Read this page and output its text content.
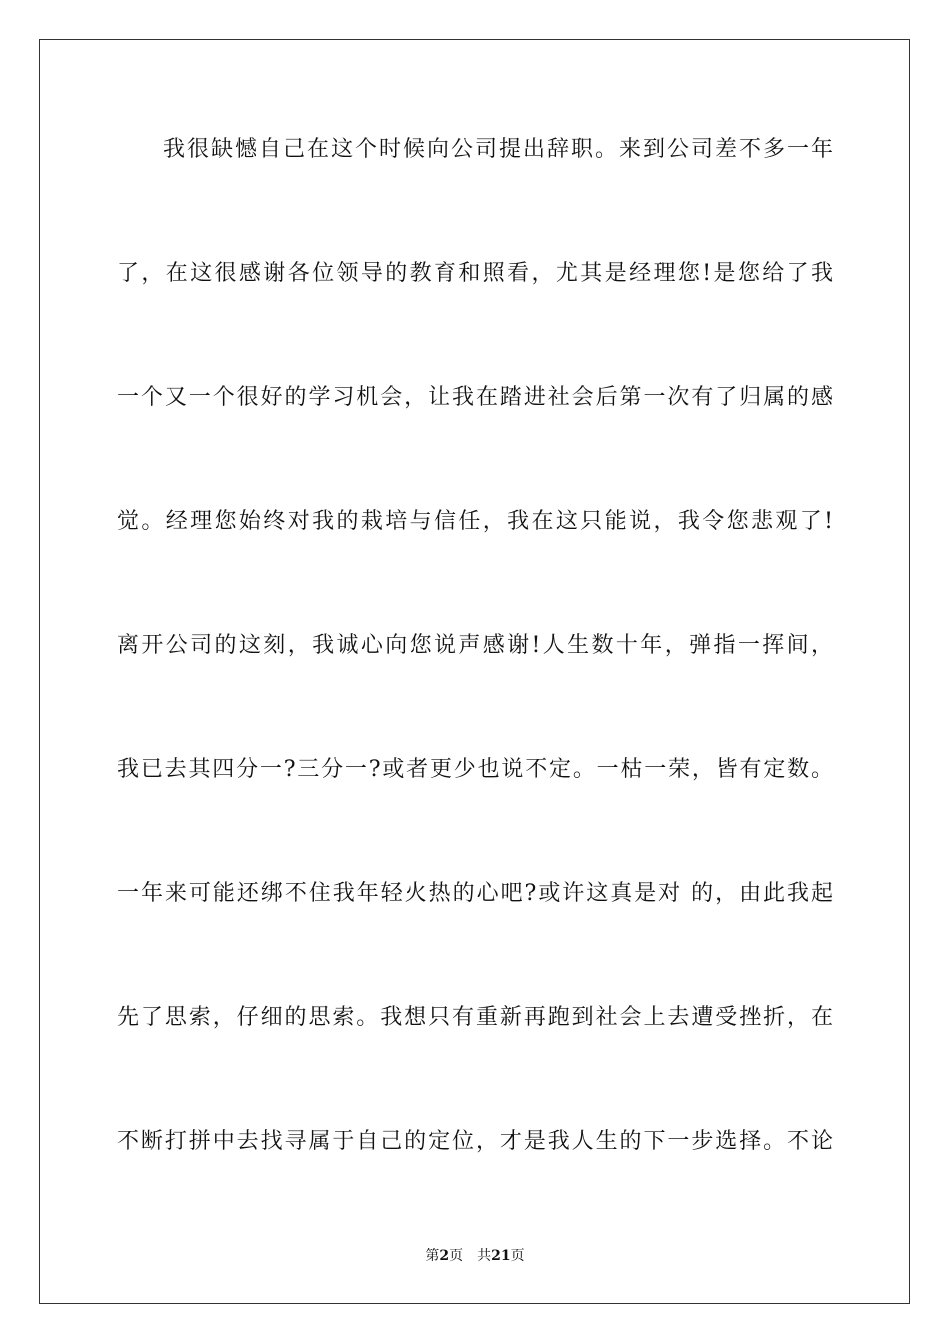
我很缺憾自己在这个时候向公司提出辞职。来到公司差不多一年
了，在这很感谢各位领导的教育和照看，尤其是经理您!是您给了我
一个又一个很好的学习机会，让我在踏进社会后第一次有了归属的感
觉。经理您始终对我的栽培与信任，我在这只能说，我令您悲观了!
离开公司的这刻，我诚心向您说声感谢!人生数十年，弹指一挥间，
我已去其四分一?三分一?或者更少也说不定。一枯一荣，皆有定数。
一年来可能还绑不住我年轻火热的心吧?或许这真是对 的，由此我起
先了思索，仔细的思索。我想只有重新再跑到社会上去遭受挫折，在
不断打拼中去找寻属于自己的定位，才是我人生的下一步选择。不论
第2页 共21页
